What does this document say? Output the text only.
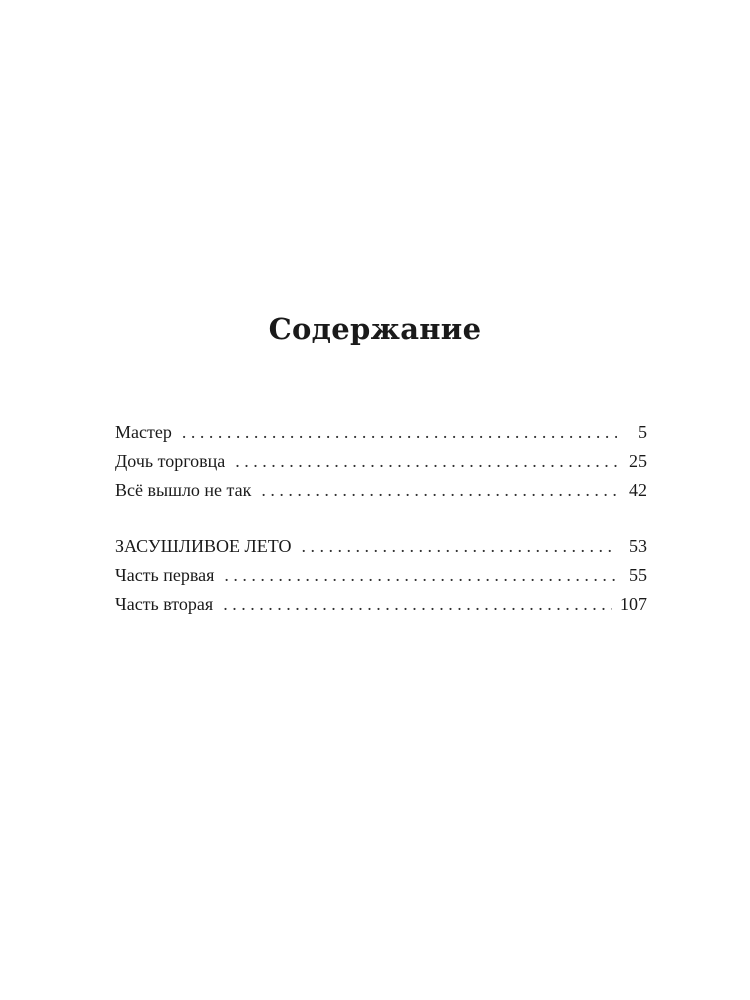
Содержание
Мастер . . .	5
Дочь торговца . . .	25
Всё вышло не так . . .	42
ЗАСУШЛИВОЕ ЛЕТО . . .	53
Часть первая . . .	55
Часть вторая . . .	107
